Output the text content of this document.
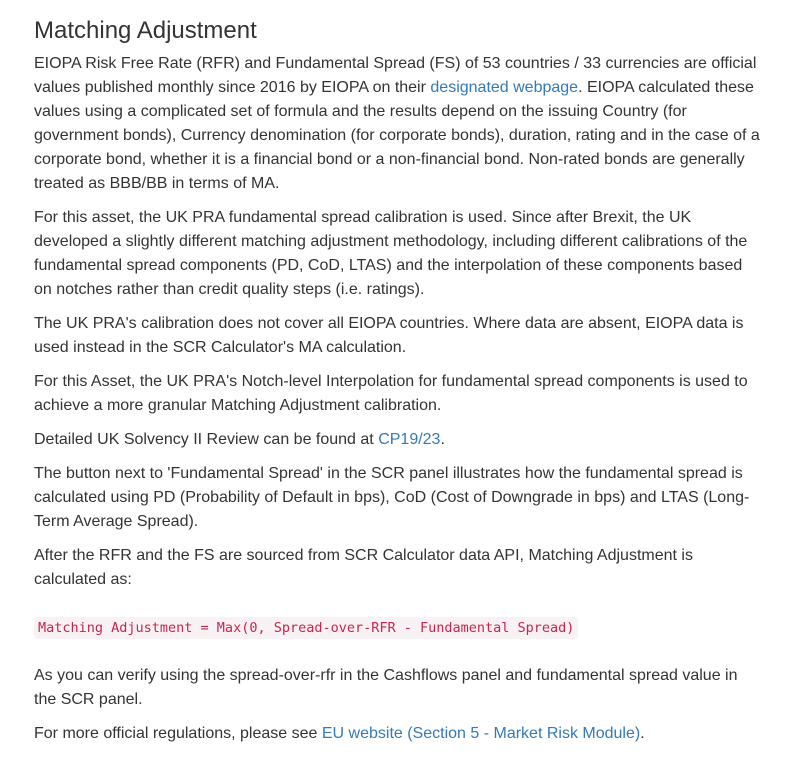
Matching Adjustment

EIOPA Risk Free Rate (RFR) and Fundamental Spread (FS) of 53 countries / 33 currencies are official values published monthly since 2016 by EIOPA on their designated webpage. EIOPA calculated these values using a complicated set of formula and the results depend on the issuing Country (for government bonds), Currency denomination (for corporate bonds), duration, rating and in the case of a corporate bond, whether it is a financial bond or a non-financial bond. Non-rated bonds are generally treated as BBB/BB in terms of MA.

For this asset, the UK PRA fundamental spread calibration is used. Since after Brexit, the UK developed a slightly different matching adjustment methodology, including different calibrations of the fundamental spread components (PD, CoD, LTAS) and the interpolation of these components based on notches rather than credit quality steps (i.e. ratings).

The UK PRA's calibration does not cover all EIOPA countries. Where data are absent, EIOPA data is used instead in the SCR Calculator's MA calculation.

For this Asset, the UK PRA's Notch-level Interpolation for fundamental spread components is used to achieve a more granular Matching Adjustment calibration.

Detailed UK Solvency II Review can be found at CP19/23.

The button next to 'Fundamental Spread' in the SCR panel illustrates how the fundamental spread is calculated using PD (Probability of Default in bps), CoD (Cost of Downgrade in bps) and LTAS (Long-Term Average Spread).

After the RFR and the FS are sourced from SCR Calculator data API, Matching Adjustment is calculated as:

Matching Adjustment = Max(0, Spread-over-RFR - Fundamental Spread)

As you can verify using the spread-over-rfr in the Cashflows panel and fundamental spread value in the SCR panel.

For more official regulations, please see EU website (Section 5 - Market Risk Module).
